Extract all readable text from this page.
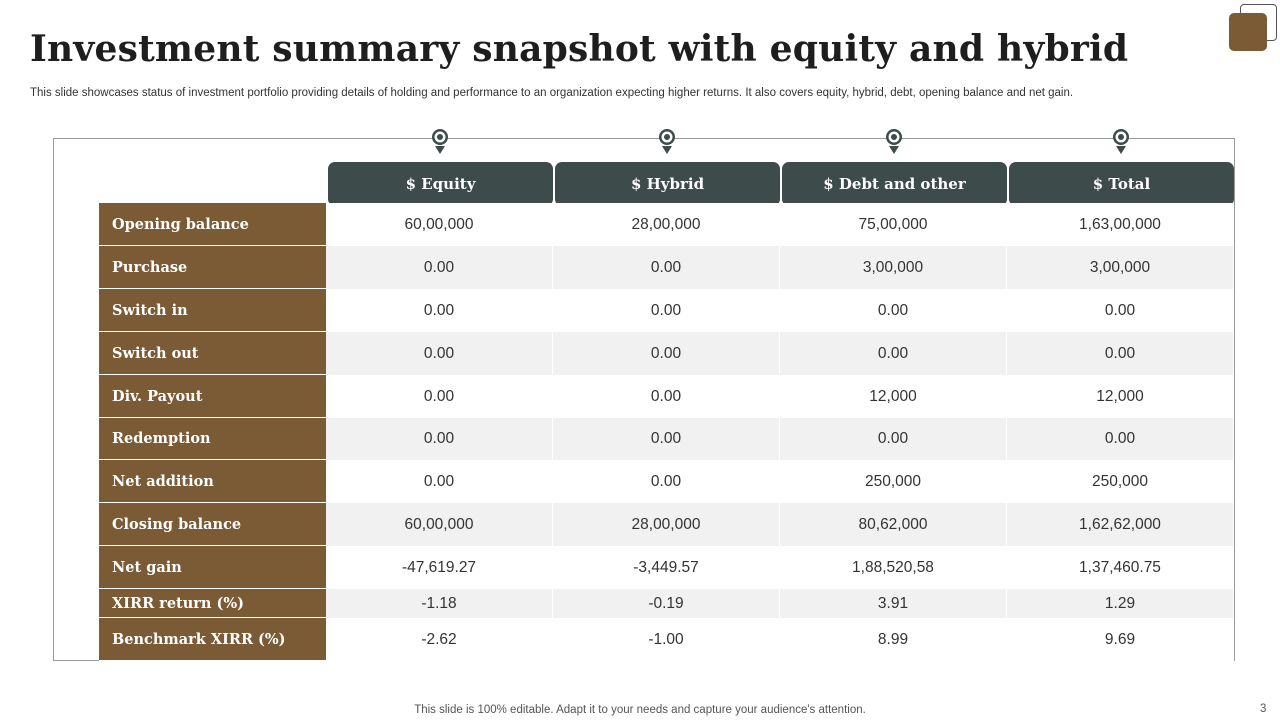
Investment summary snapshot with equity and hybrid
This slide showcases status of investment portfolio providing details of holding and performance to an organization expecting higher returns. It also covers equity, hybrid, debt, opening balance and net gain.
$ Equity	$ Hybrid	$ Debt and other	$ Total
Opening balance	60,00,000	28,00,000	75,00,000	1,63,00,000
Purchase	0.00	0.00	3,00,000	3,00,000
Switch in	0.00	0.00	0.00	0.00
Switch out	0.00	0.00	0.00	0.00
Div. Payout	0.00	0.00	12,000	12,000
Redemption	0.00	0.00	0.00	0.00
Net addition	0.00	0.00	250,000	250,000
Closing balance	60,00,000	28,00,000	80,62,000	1,62,62,000
Net gain	-47,619.27	-3,449.57	1,88,520,58	1,37,460.75
XIRR return (%)	-1.18	-0.19	3.91	1.29
Benchmark XIRR (%)	-2.62	-1.00	8.99	9.69
This slide is 100% editable. Adapt it to your needs and capture your audience's attention.	3
